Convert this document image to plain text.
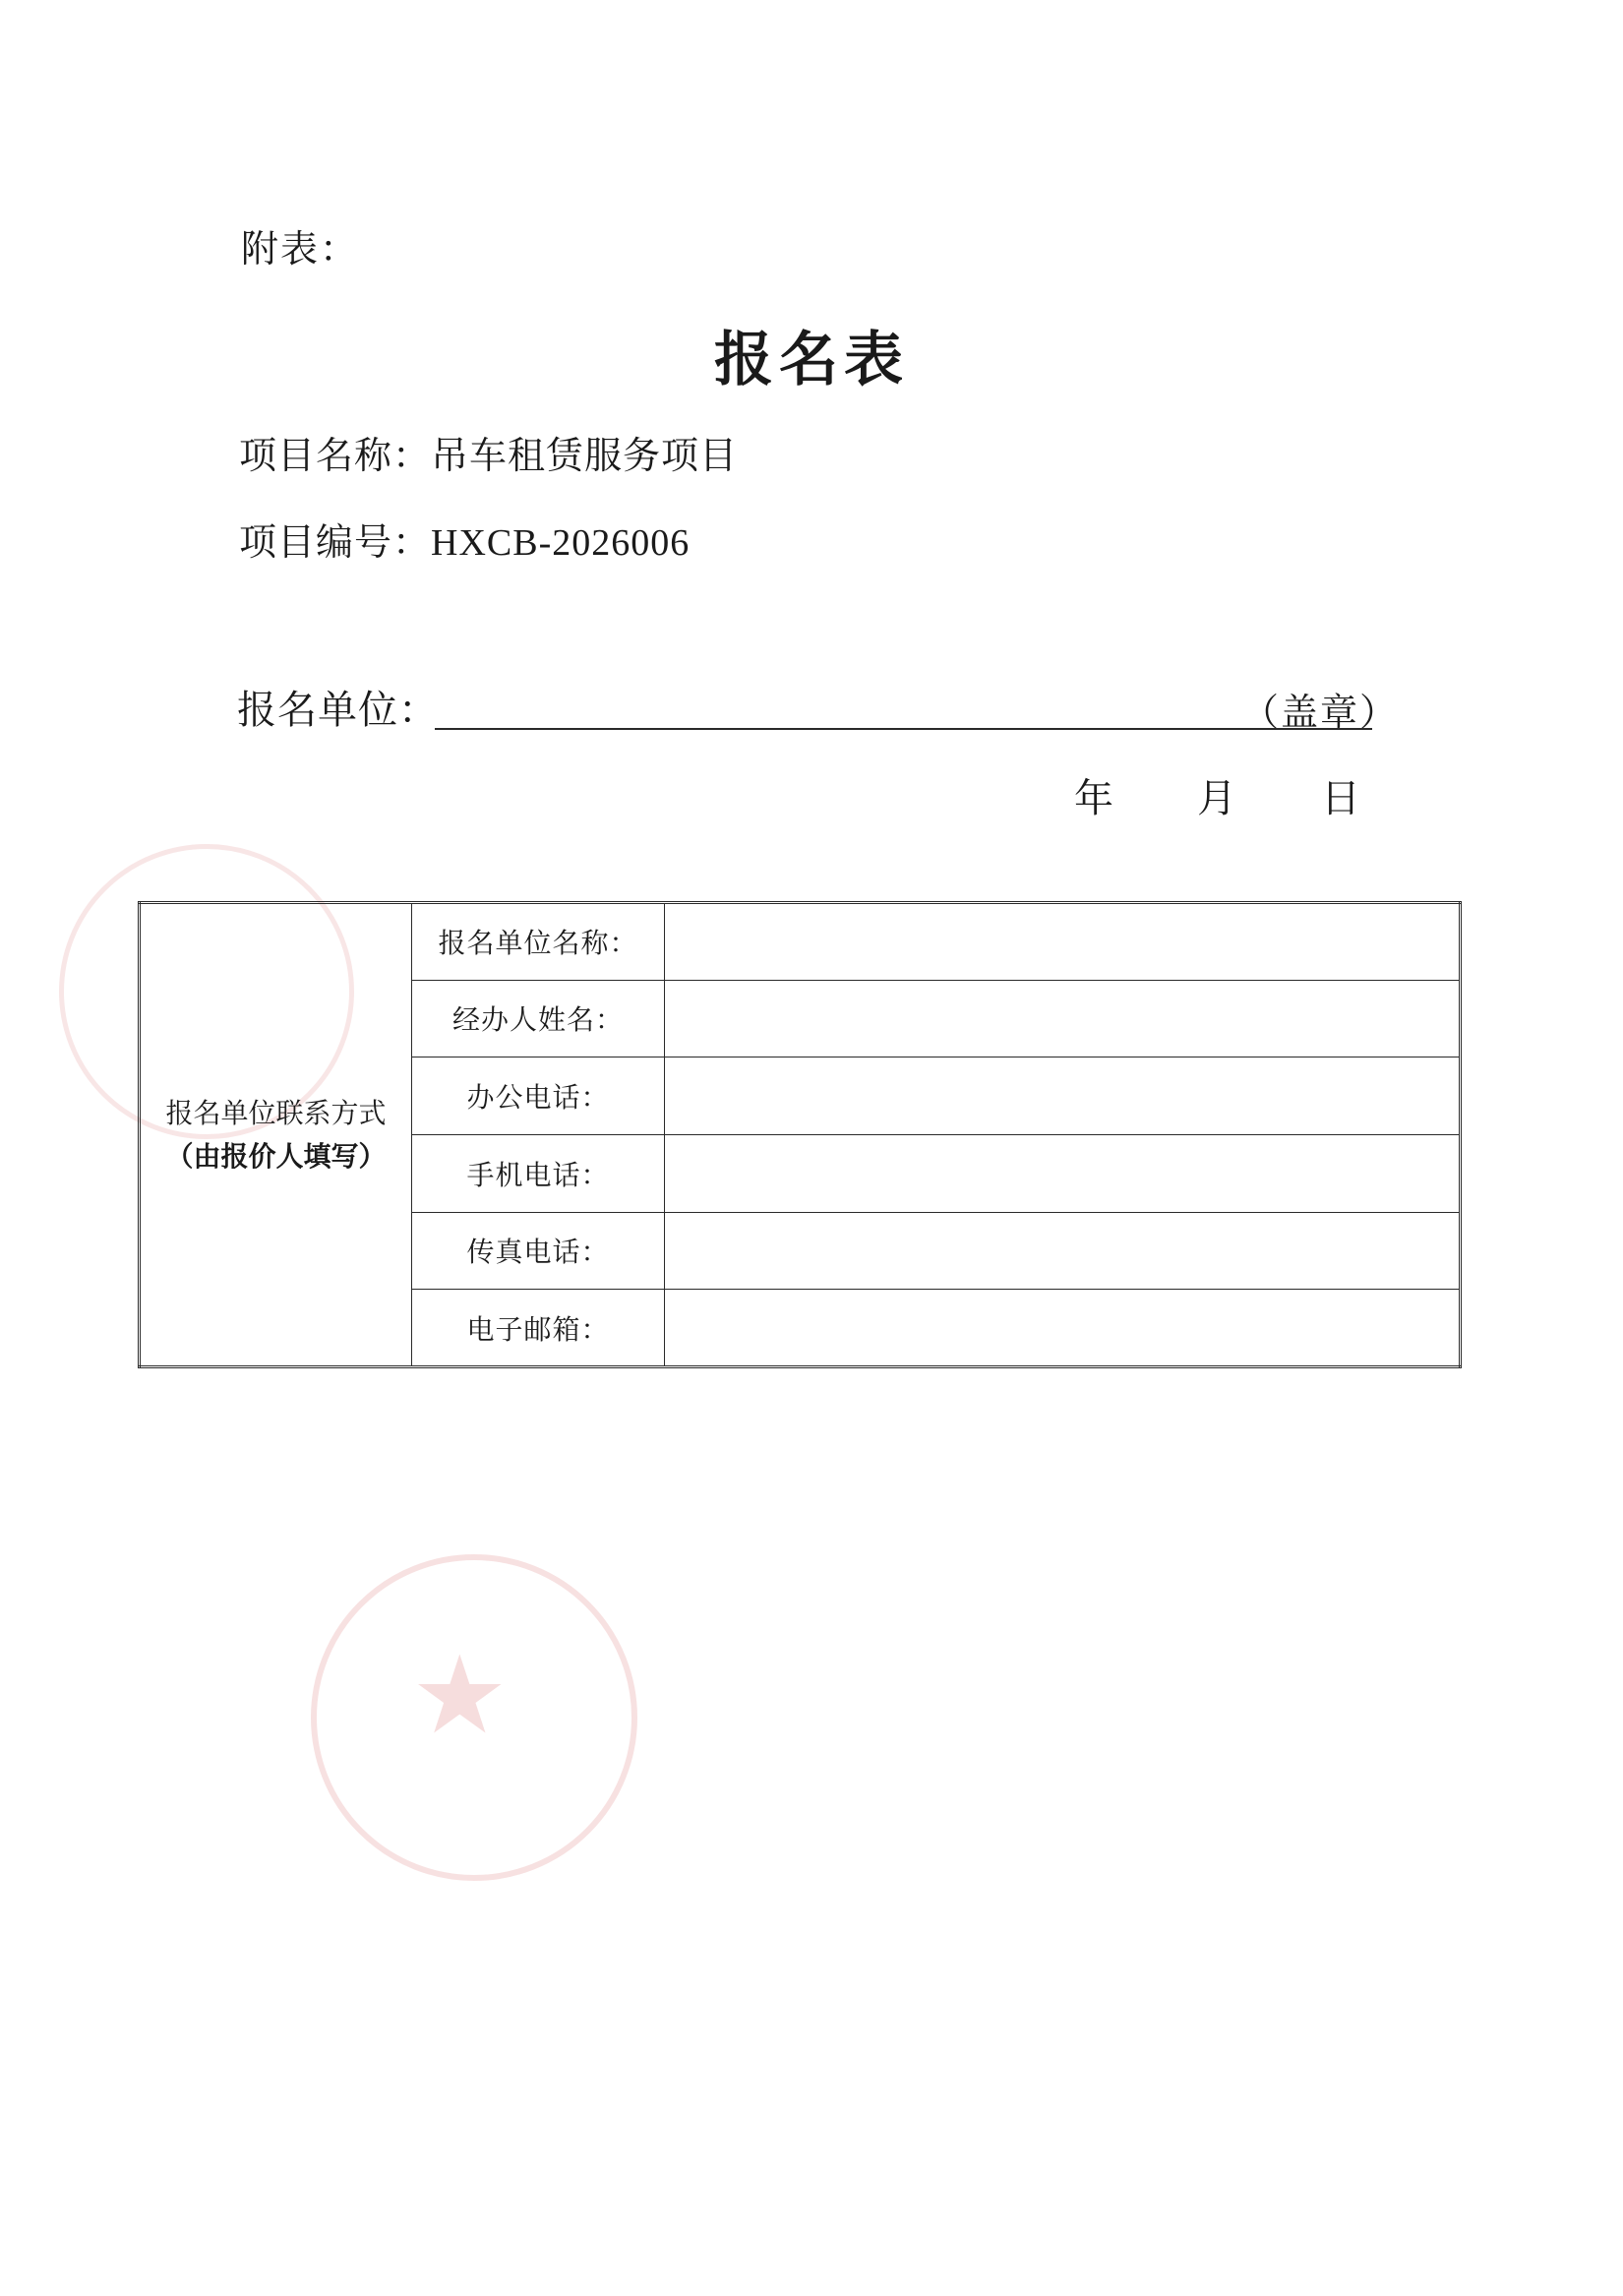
★
附表：
报名表
项目名称：吊车租赁服务项目
项目编号：HXCB-2026006
报名单位：	（盖章）
年 月 日
报名单位联系方式
（由报价人填写）	报名单位名称：	
	经办人姓名：	
	办公电话：	
	手机电话：	
	传真电话：	
	电子邮箱：	
